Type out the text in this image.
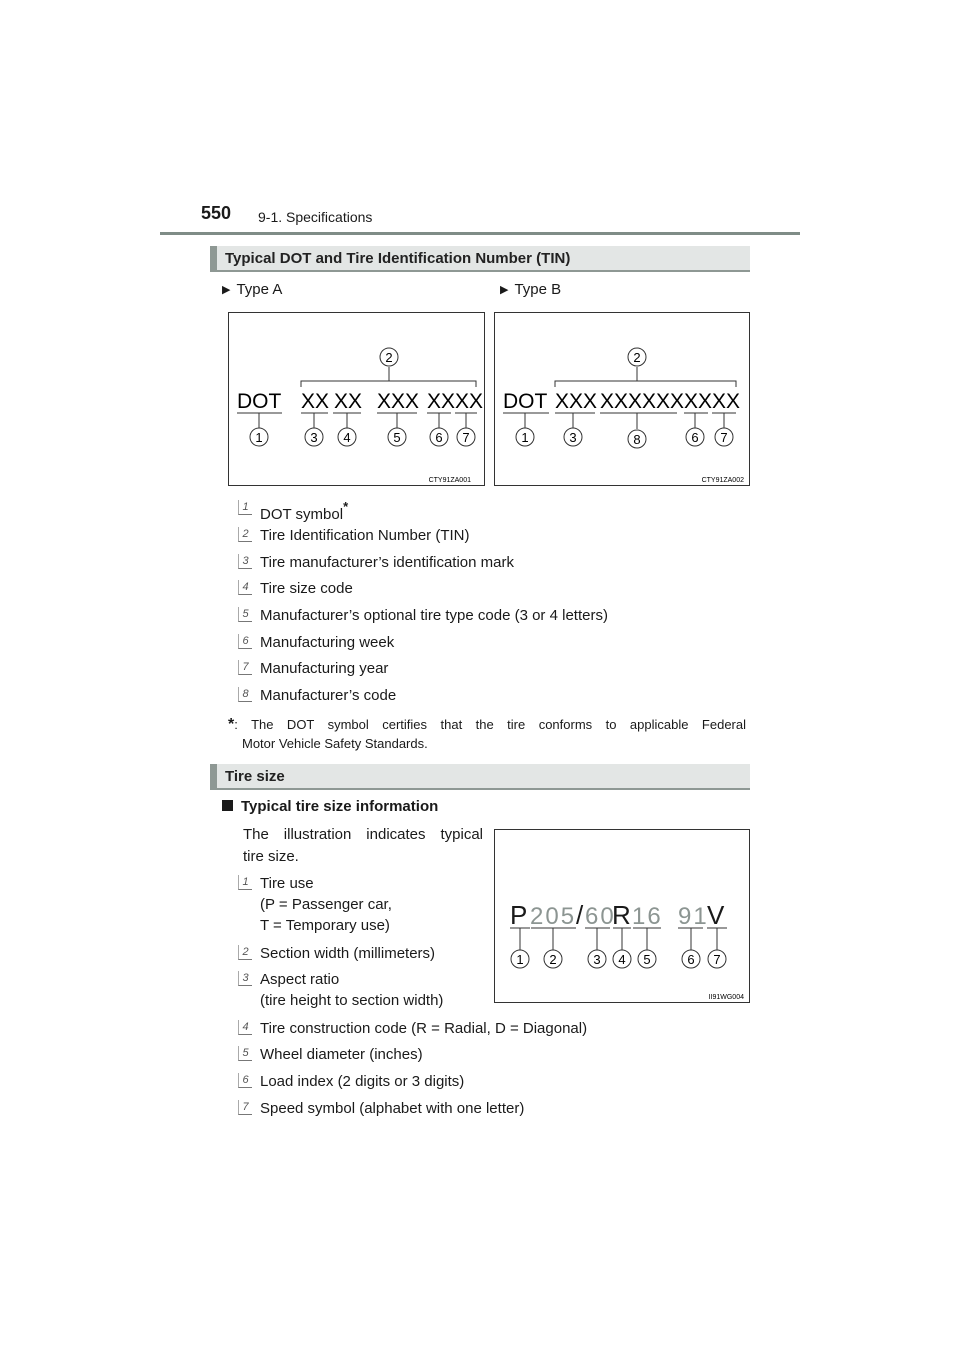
550 9-1. Specifications
Typical DOT and Tire Identification Number (TIN)
▶ Type A	▶ Type B
2
DOT XX XX XXX XXXX
1	3 4	5	6 7
CTY91ZA001
2
DOT XXX XXXXXX XXXX
1	3	8	6 7
CTY91ZA002
1 DOT symbol*
2 Tire Identification Number (TIN)
3 Tire manufacturer’s identification mark
4 Tire size code
5 Manufacturer’s optional tire type code (3 or 4 letters)
6 Manufacturing week
7 Manufacturing year
8 Manufacturer’s code
*: The DOT symbol certifies that the tire conforms to applicable Federal
Motor Vehicle Safety Standards.
Tire size
Typical tire size information
The illustration indicates typical
tire size.
P 205 / 60
R 16 91
V
1 2	3 4 5	6 7
II91WG004
1 Tire use
(P = Passenger car,
T = Temporary use)
2 Section width (millimeters)
3 Aspect ratio
(tire height to section width)
4 Tire construction code (R = Radial, D = Diagonal)
5 Wheel diameter (inches)
6 Load index (2 digits or 3 digits)
7 Speed symbol (alphabet with one letter)
